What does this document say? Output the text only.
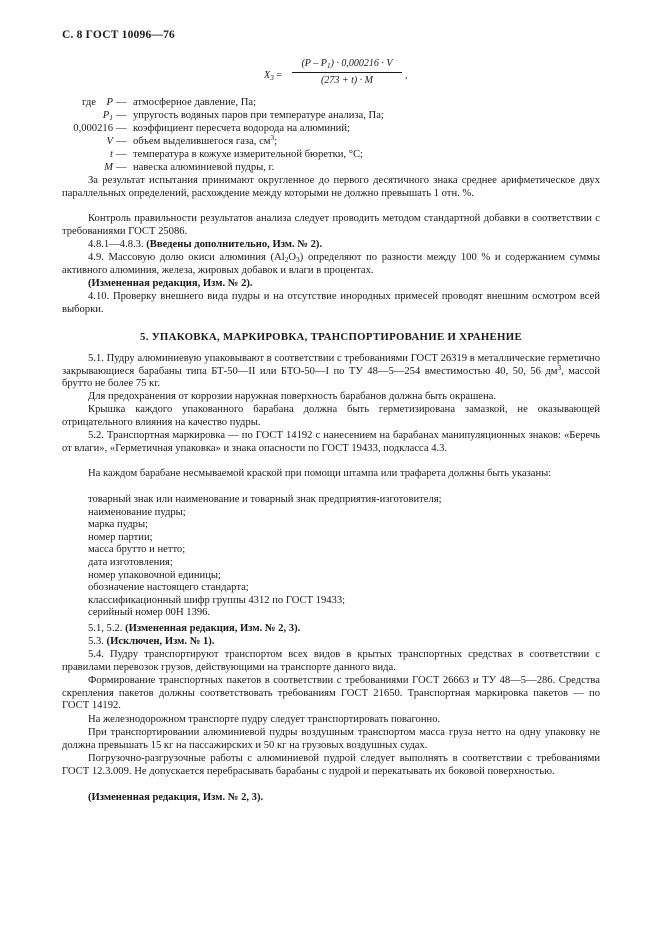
С. 8 ГОСТ 10096—76
$X_3$ =
$(P - P_1) \cdot 0,000216 \cdot V$
(273 + t) · M	,
где P — атмосферное давление, Па;
$P_1$ — упругость водяных паров при температуре анализа, Па;
0,000216 — коэффициент пересчета водорода на алюминий;
V — объем выделившегося газа, $см^3$;
t — температура в кожухе измерительной бюретки, °С;
M — навеска алюминиевой пудры, г.
За результат испытания принимают округленное до первого десятичного знака среднее арифметическое двух параллельных определений, расхождение между которыми не должно превышать 1 отн. %.
Контроль правильности результатов анализа следует проводить методом стандартной добавки в соответствии с требованиями ГОСТ 25086.
4.8.1—4.8.3. (Введены дополнительно, Изм. № 2).
4.9. Массовую долю окиси алюминия $(Al_2O_3)$ определяют по разности между 100 % и содержанием суммы активного алюминия, железа, жировых добавок и влаги в процентах.
(Измененная редакция, Изм. № 2).
4.10. Проверку внешнего вида пудры и на отсутствие инородных примесей проводят внешним осмотром всей выборки.
5. УПАКОВКА, МАРКИРОВКА, ТРАНСПОРТИРОВАНИЕ И ХРАНЕНИЕ
5.1. Пудру алюминиевую упаковывают в соответствии с требованиями ГОСТ 26319 в металлические герметично закрывающиеся барабаны типа БТ-50—II или БТО-50—I по ТУ 48—5—254 вместимостью 40, 50, 56 $дм^3$, массой брутто не более 75 кг.
Для предохранения от коррозии наружная поверхность барабанов должна быть окрашена.
Крышка каждого упакованного барабана должна быть герметизирована замазкой, не оказывающей отрицательного влияния на качество пудры.
5.2. Транспортная маркировка — по ГОСТ 14192 с нанесением на барабанах манипуляционных знаков: «Беречь от влаги», «Герметичная упаковка» и знака опасности по ГОСТ 19433, подкласса 4.3.
На каждом барабане несмываемой краской при помощи штампа или трафарета должны быть указаны:
товарный знак или наименование и товарный знак предприятия-изготовителя;
наименование пудры;
марка пудры;
номер партии;
масса брутто и нетто;
дата изготовления;
номер упаковочной единицы;
обозначение настоящего стандарта;
классификационный шифр группы 4312 по ГОСТ 19433;
серийный номер 00Н 1396.
5.1, 5.2. (Измененная редакция, Изм. № 2, 3).
5.3. (Исключен, Изм. № 1).
5.4. Пудру транспортируют транспортом всех видов в крытых транспортных средствах в соответствии с правилами перевозок грузов, действующими на транспорте данного вида.
Формирование транспортных пакетов в соответствии с требованиями ГОСТ 26663 и ТУ 48—5—286. Средства скрепления пакетов должны соответствовать требованиям ГОСТ 21650. Транспортная маркировка пакетов — по ГОСТ 14192.
На железнодорожном транспорте пудру следует транспортировать повагонно.
При транспортировании алюминиевой пудры воздушным транспортом масса груза нетто на одну упаковку не должна превышать 15 кг на пассажирских и 50 кг на грузовых воздушных судах.
Погрузочно-разгрузочные работы с алюминиевой пудрой следует выполнять в соответствии с требованиями ГОСТ 12.3.009. Не допускается перебрасывать барабаны с пудрой и перекатывать их боковой поверхностью.
(Измененная редакция, Изм. № 2, 3).
